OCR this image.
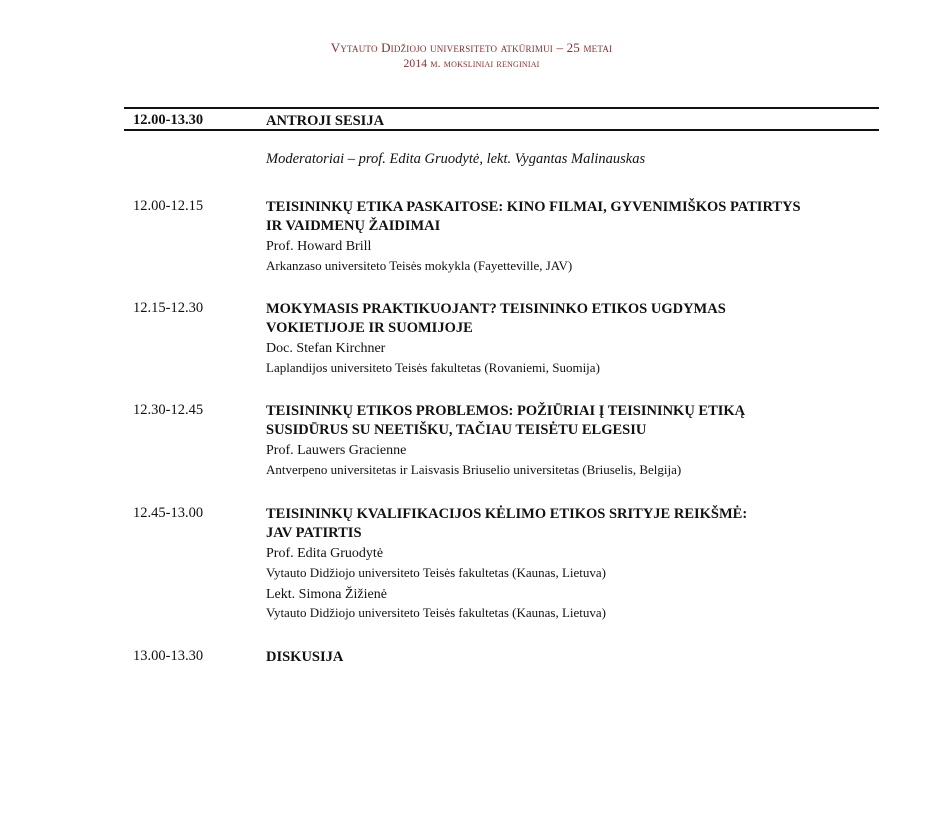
Vytauto Didžiojo universiteto atkūrimui – 25 metai
2014 m. moksliniai renginiai
12.00-13.30	ANTROJI SESIJA
Moderatoriai – prof. Edita Gruodytė, lekt. Vygantas Malinauskas
12.00-12.15	TEISININKŲ ETIKA PASKAITOSE: KINO FILMAI, GYVENIMIŠKOS PATIRTYS
IR VAIDMENŲ ŽAIDIMAI
Prof. Howard Brill
Arkanzaso universiteto Teisės mokykla (Fayetteville, JAV)
12.15-12.30	MOKYMASIS PRAKTIKUOJANT? TEISININKO ETIKOS UGDYMAS
VOKIETIJOJE IR SUOMIJOJE
Doc. Stefan Kirchner
Laplandijos universiteto Teisės fakultetas (Rovaniemi, Suomija)
12.30-12.45	TEISININKŲ ETIKOS PROBLEMOS: POŽIŪRIAI Į TEISININKŲ ETIKĄ
SUSIDŪRUS SU NEETIŠKU, TAČIAU TEISĖTU ELGESIU
Prof. Lauwers Gracienne
Antverpeno universitetas ir Laisvasis Briuselio universitetas (Briuselis, Belgija)
12.45-13.00	TEISININKŲ KVALIFIKACIJOS KĖLIMO ETIKOS SRITYJE REIKŠMĖ:
JAV PATIRTIS
Prof. Edita Gruodytė
Vytauto Didžiojo universiteto Teisės fakultetas (Kaunas, Lietuva)
Lekt. Simona Žižienė
Vytauto Didžiojo universiteto Teisės fakultetas (Kaunas, Lietuva)
13.00-13.30	DISKUSIJA
